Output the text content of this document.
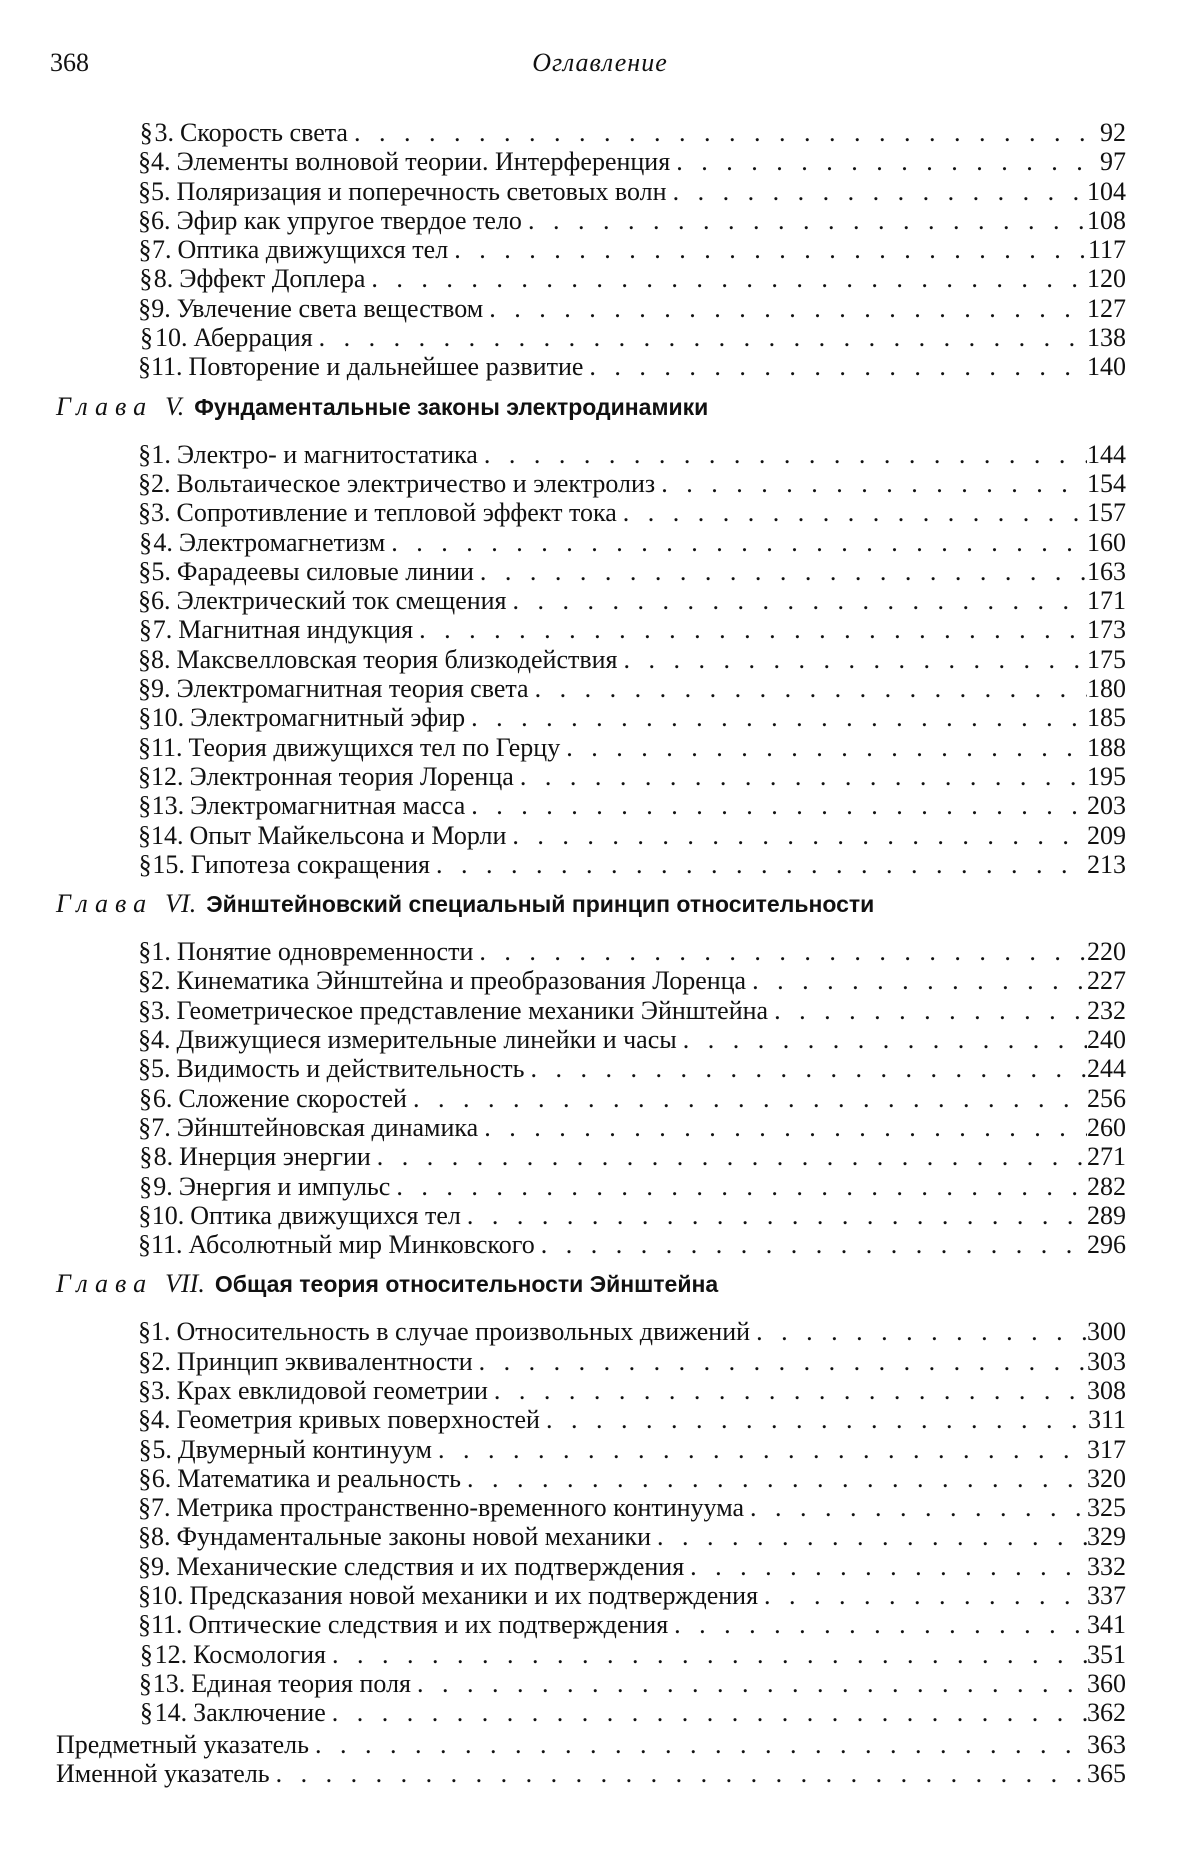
368	Оглавление
§ 3. Скорость света
. . .	92
§ 4. Элементы волновой теории. Интерференция
. . .	97
§ 5. Поляризация и поперечность световых волн
. . .	104
§ 6. Эфир как упругое твердое тело
. . .	108
§ 7. Оптика движущихся тел
. . .	117
§ 8. Эффект Доплера
. . .	120
§ 9. Увлечение света веществом
. . .	127
§ 10. Аберрация
. . .	138
§ 11. Повторение и дальнейшее развитие
. . .	140
Глава V. Фундаментальные законы электродинамики
§ 1. Электро- и магнитостатика
. . .	144
§ 2. Вольтаическое электричество и электролиз
. . .	154
§ 3. Сопротивление и тепловой эффект тока
. . .	157
§ 4. Электромагнетизм
. . .	160
§ 5. Фарадеевы силовые линии
. . .	163
§ 6. Электрический ток смещения
. . .	171
§ 7. Магнитная индукция
. . .	173
§ 8. Максвелловская теория близкодействия
. . .	175
§ 9. Электромагнитная теория света
. . .	180
§ 10. Электромагнитный эфир
. . .	185
§ 11. Теория движущихся тел по Герцу
. . .	188
§ 12. Электронная теория Лоренца
. . .	195
§ 13. Электромагнитная масса
. . .	203
§ 14. Опыт Майкельсона и Морли
. . .	209
§ 15. Гипотеза сокращения
. . .	213
Глава VI. Эйнштейновский специальный принцип относительности
§ 1. Понятие одновременности
. . .	220
§ 2. Кинематика Эйнштейна и преобразования Лоренца
. . .	227
§ 3. Геометрическое представление механики Эйнштейна
. . .	232
§ 4. Движущиеся измерительные линейки и часы
. . .	240
§ 5. Видимость и действительность
. . .	244
§ 6. Сложение скоростей
. . .	256
§ 7. Эйнштейновская динамика
. . .	260
§ 8. Инерция энергии
. . .	271
§ 9. Энергия и импульс
. . .	282
§ 10. Оптика движущихся тел
. . .	289
§ 11. Абсолютный мир Минковского
. . .	296
Глава VII. Общая теория относительности Эйнштейна
§ 1. Относительность в случае произвольных движений
. . .	300
§ 2. Принцип эквивалентности
. . .	303
§ 3. Крах евклидовой геометрии
. . .	308
§ 4. Геометрия кривых поверхностей
. . .	311
§ 5. Двумерный континуум
. . .	317
§ 6. Математика и реальность
. . .	320
§ 7. Метрика пространственно-временного континуума
. . .	325
§ 8. Фундаментальные законы новой механики
. . .	329
§ 9. Механические следствия и их подтверждения
. . .	332
§ 10. Предсказания новой механики и их подтверждения
. . .	337
§ 11. Оптические следствия и их подтверждения
. . .	341
§ 12. Космология
. . .	351
§ 13. Единая теория поля
. . .	360
§ 14. Заключение
. . .	362
Предметный указатель
. . .	363
Именной указатель
. . .	365
